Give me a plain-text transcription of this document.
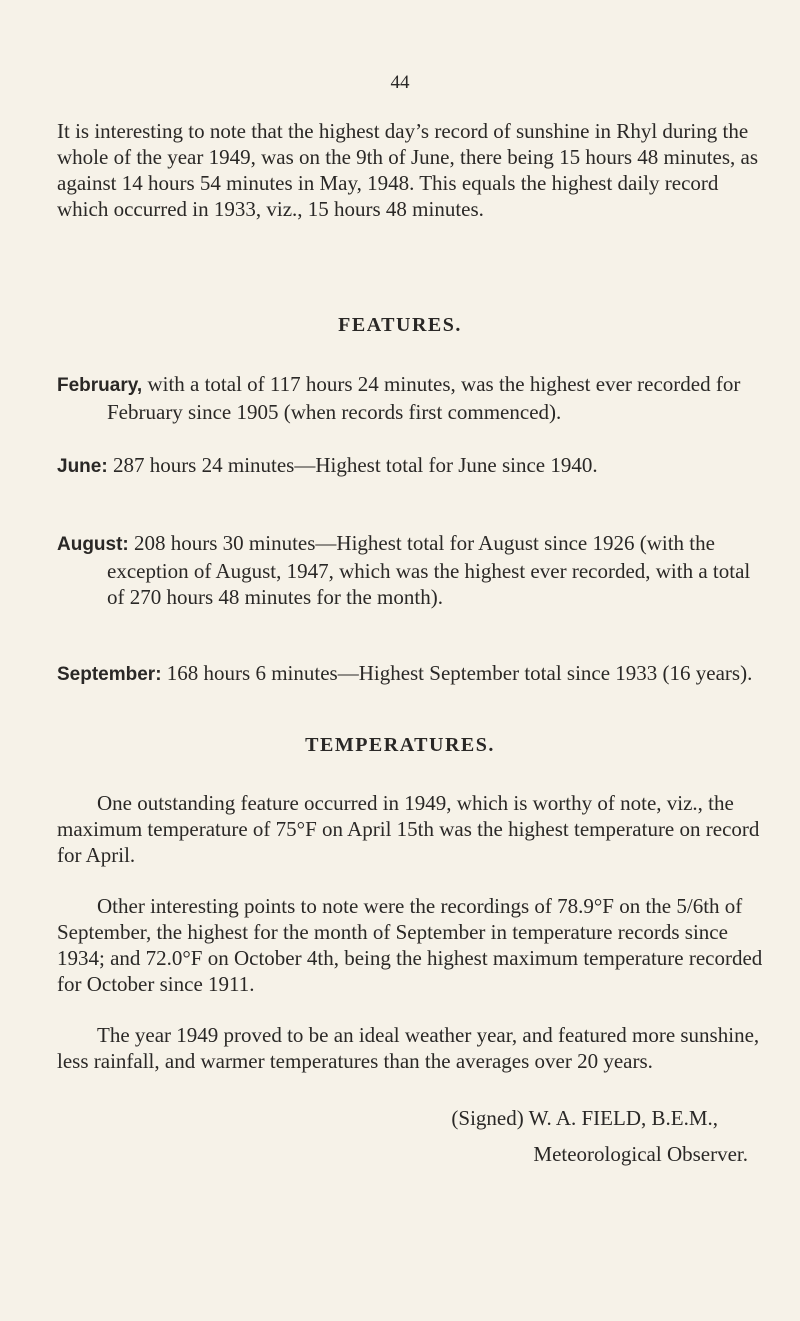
44

It is interesting to note that the highest day’s record of sunshine in Rhyl during the whole of the year 1949, was on the 9th of June, there being 15 hours 48 minutes, as against 14 hours 54 minutes in May, 1948. This equals the highest daily record which occurred in 1933, viz., 15 hours 48 minutes.

FEATURES.

February, with a total of 117 hours 24 minutes, was the highest ever recorded for February since 1905 (when records first commenced).

June: 287 hours 24 minutes—Highest total for June since 1940.

August: 208 hours 30 minutes—Highest total for August since 1926 (with the exception of August, 1947, which was the highest ever recorded, with a total of 270 hours 48 minutes for the month).

September: 168 hours 6 minutes—Highest September total since 1933 (16 years).

TEMPERATURES.

One outstanding feature occurred in 1949, which is worthy of note, viz., the maximum temperature of 75°F on April 15th was the highest temperature on record for April.

Other interesting points to note were the recordings of 78.9°F on the 5/6th of September, the highest for the month of September in temperature records since 1934; and 72.0°F on October 4th, being the highest maximum temperature recorded for October since 1911.

The year 1949 proved to be an ideal weather year, and featured more sunshine, less rainfall, and warmer temperatures than the averages over 20 years.

(Signed) W. A. FIELD, B.E.M.,
Meteorological Observer.
